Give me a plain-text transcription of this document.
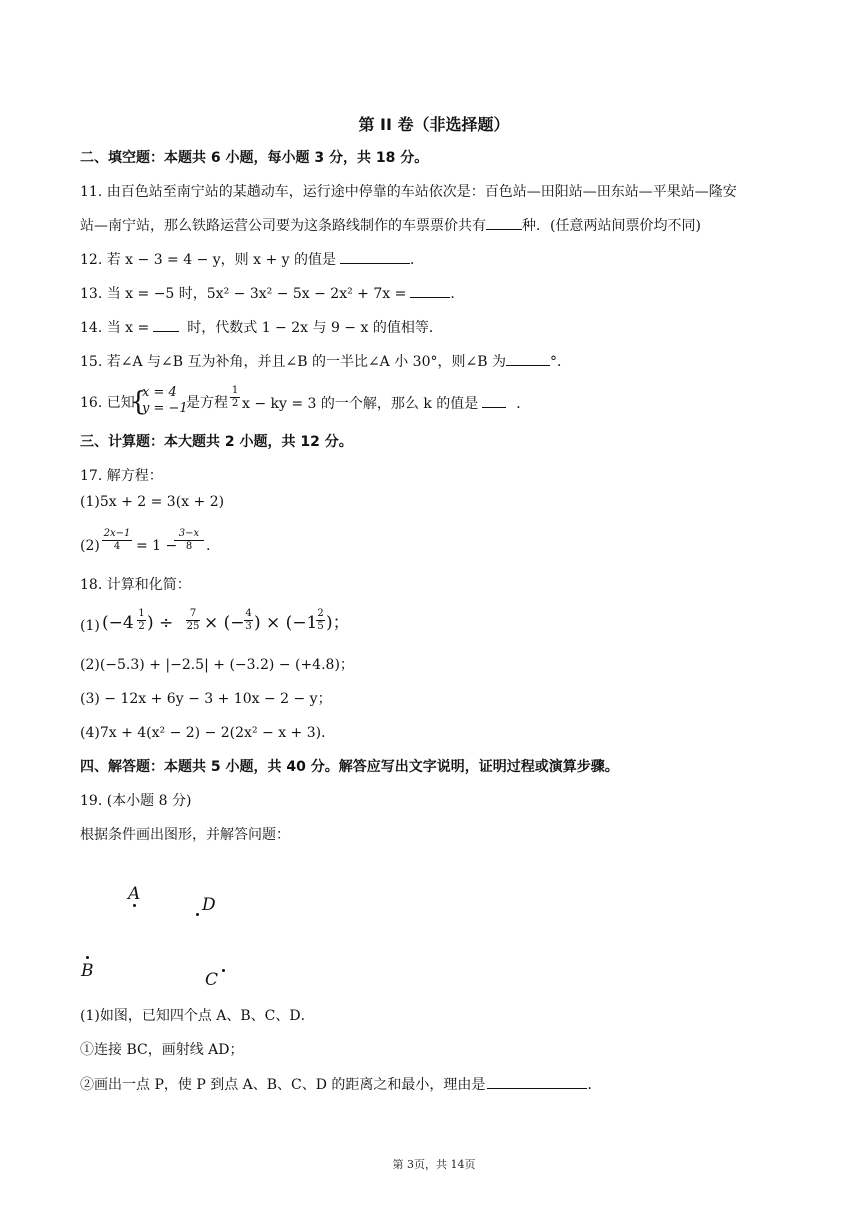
第 II 卷（非选择题）
二、填空题：本题共 6 小题，每小题 3 分，共 18 分。
11. 由百色站至南宁站的某趟动车，运行途中停靠的车站依次是：百色站—田阳站—田东站—平果站—隆安
站—南宁站，那么铁路运营公司要为这条路线制作的车票票价共有	种．(任意两站间票价均不同)
12. 若 x − 3 = 4 − y，则 x + y 的值是	．
13. 当 x = −5 时，5x² − 3x² − 5x − 2x² + 7x =	．
14. 当 x =	时，代数式 1 − 2x 与 9 − x 的值相等．
15. 若∠A 与∠B 互为补角，并且∠B 的一半比∠A 小 30°，则∠B 为	°．
16. 已知
{
x = 4
y = −1
是方程 $\frac{1}{2}$ x − ky = 3 的一个解，那么 k 的值是	．
三、计算题：本大题共 2 小题，共 12 分。
17. 解方程：
(1)5x + 2 = 3(x + 2)
$(2) \frac{2x-1}{4} = 1$ −
$\frac{3-x}{8}$ .
18. 计算和化简：
(1) ($-4 \frac{1}{2}$ ) ÷ $\frac{7}{25}$ × (− $\frac{4}{3}$ ) × (−1
$\frac{2}{5}$ )；
(2)(−5.3) + |−2.5| + (−3.2) − (+4.8)；
(3) − 12x + 6y − 3 + 10x − 2 − y；
(4)7x + 4(x² − 2) − 2(2x² − x + 3)．
四、解答题：本题共 5 小题，共 40 分。解答应写出文字说明，证明过程或演算步骤。
19. (本小题 8 分)
根据条件画出图形，并解答问题：
A
D
B	C
(1)如图，已知四个点 A、B、C、D．
①连接 BC，画射线 AD；
②画出一点 P，使 P 到点 A、B、C、D 的距离之和最小，理由是	．
第 3页，共 14页
